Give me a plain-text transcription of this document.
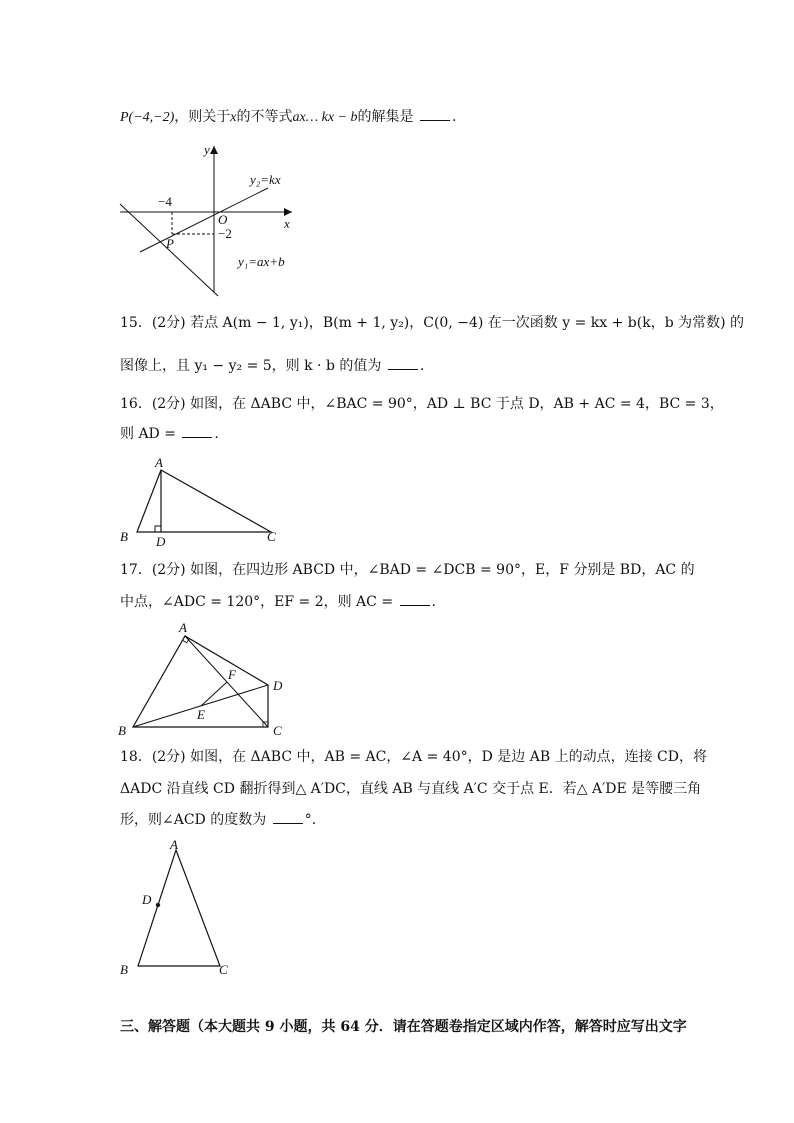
P(−4,−2)，则关于x的不等式ax… kx − b的解集是	.
y
x
O
−4
−2
P
y₂=kx
y₁=ax+b
15．(2分) 若点 A(m − 1, y₁)，B(m + 1, y₂)，C(0, −4) 在一次函数 y = kx + b(k，b 为常数) 的
图像上，且 y₁ − y₂ = 5，则 k · b 的值为	.
16．(2分) 如图，在 ΔABC 中，∠BAC = 90°，AD ⊥ BC 于点 D，AB + AC = 4，BC = 3，
则 AD =	.
A
B	C
D
17．(2分) 如图，在四边形 ABCD 中，∠BAD = ∠DCB = 90°，E，F 分别是 BD，AC 的
中点，∠ADC = 120°，EF = 2，则 AC =	.
A
B	C
D
E
F
18．(2分) 如图，在 ΔABC 中，AB = AC，∠A = 40°，D 是边 AB 上的动点，连接 CD，将
ΔADC 沿直线 CD 翻折得到△ A′DC，直线 AB 与直线 A′C 交于点 E．若△ A′DE 是等腰三角
形，则∠ACD 的度数为	°．
A
B	C
D
三、解答题（本大题共 9 小题，共 64 分．请在答题卷指定区域内作答，解答时应写出文字
